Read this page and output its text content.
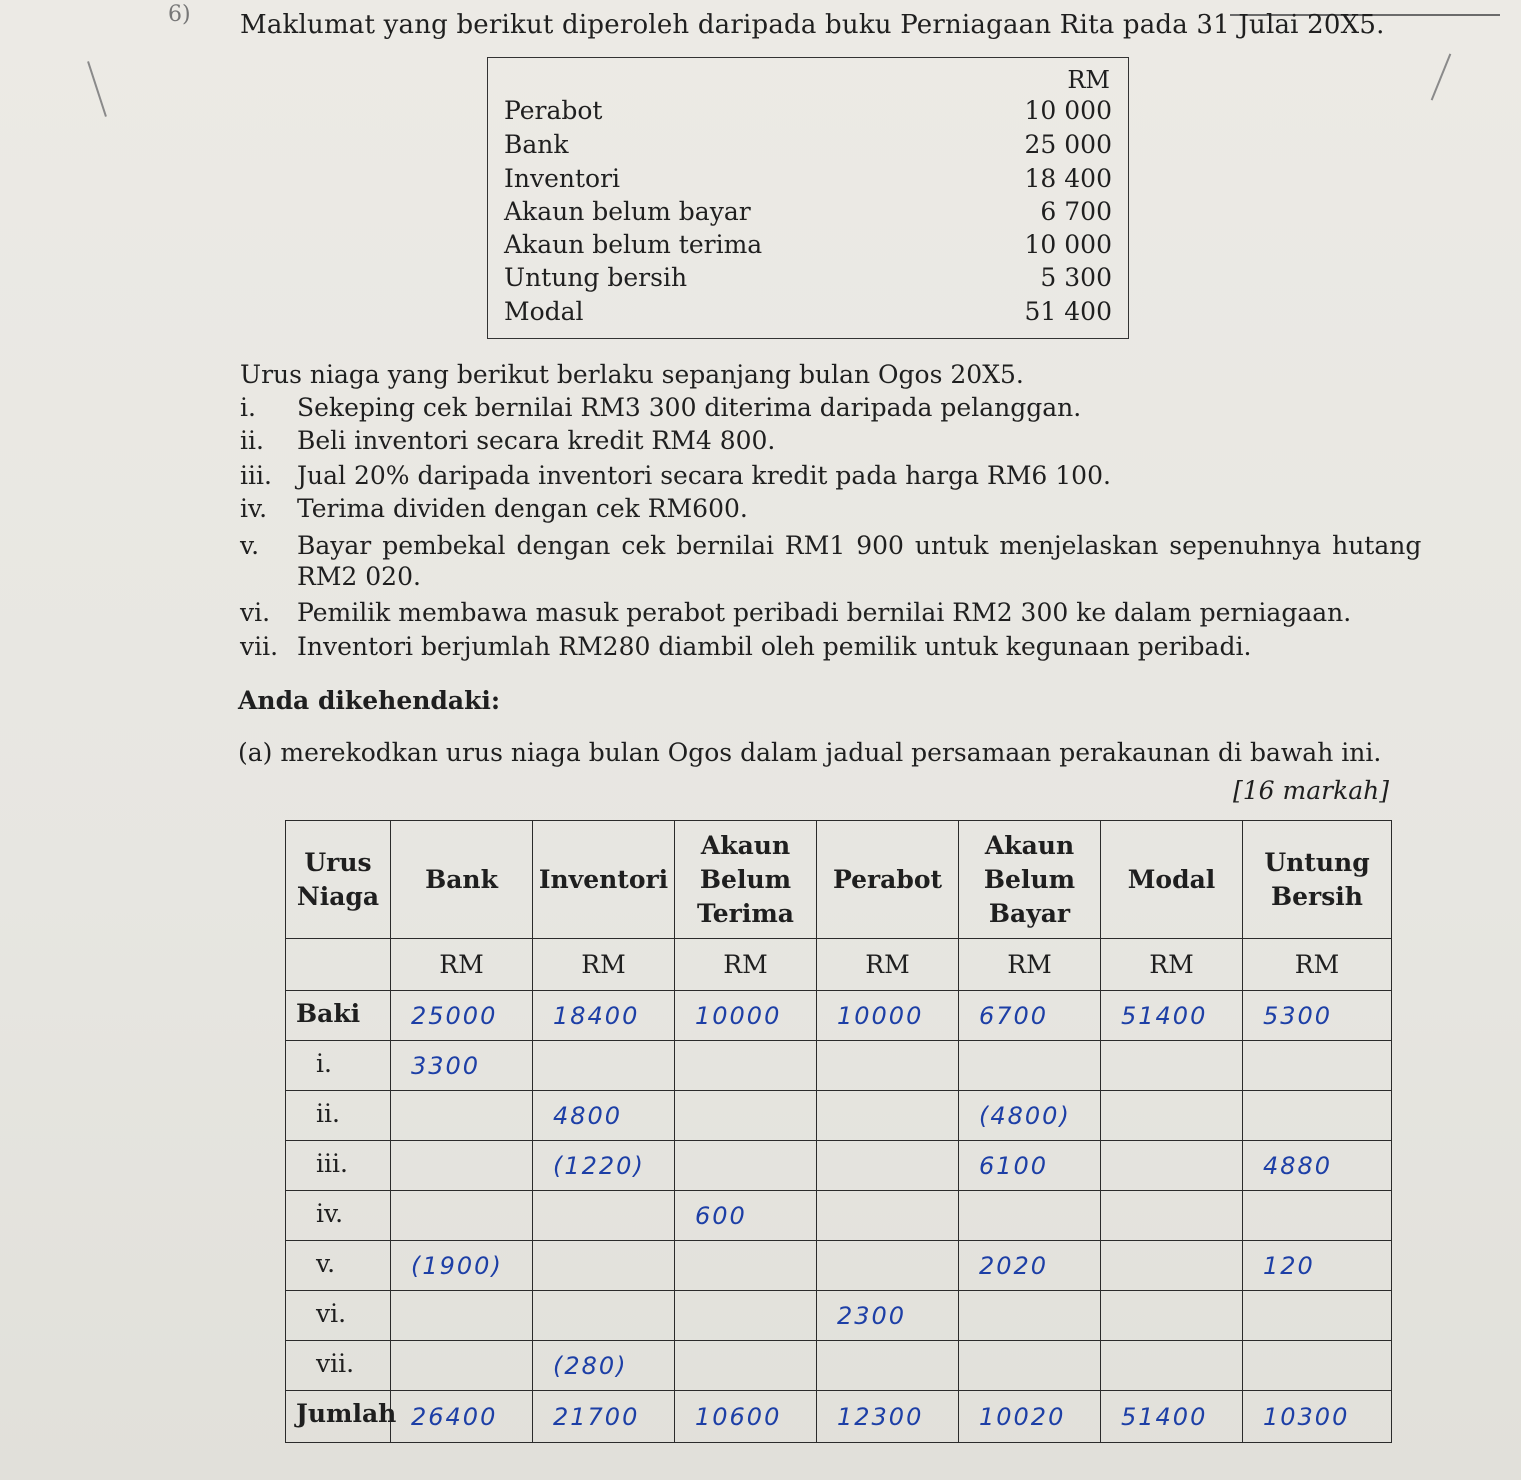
6) Maklumat yang berikut diperoleh daripada buku Perniagaan Rita pada 31 Julai 20X5.
RM
Perabot	10 000
Bank	25 000
Inventori	18 400
Akaun belum bayar	6 700
Akaun belum terima	10 000
Untung bersih	5 300
Modal	51 400
Urus niaga yang berikut berlaku sepanjang bulan Ogos 20X5.
i. Sekeping cek bernilai RM3 300 diterima daripada pelanggan.
ii. Beli inventori secara kredit RM4 800.
iii. Jual 20% daripada inventori secara kredit pada harga RM6 100.
iv. Terima dividen dengan cek RM600.
v. Bayar pembekal dengan cek bernilai RM1 900 untuk menjelaskan sepenuhnya hutang
RM2 020.
vi. Pemilik membawa masuk perabot peribadi bernilai RM2 300 ke dalam perniagaan.
vii. Inventori berjumlah RM280 diambil oleh pemilik untuk kegunaan peribadi.
Anda dikehendaki:
(a) merekodkan urus niaga bulan Ogos dalam jadual persamaan perakaunan di bawah ini.
[16 markah]
Urus Niaga	Bank	Inventori	Akaun Belum Terima	Perabot	Akaun Belum Bayar	Modal	Untung Bersih
	RM	RM	RM	RM	RM	RM	RM
Baki	25000	18400	10000	10000	6700	51400	5300

i.	3300						

ii.		4800			(4800)		

iii.		(1220)			6100		4880

iv.			600				

v.	(1900)				2020		120

vi.				2300			

vii.		(280)					

Jumlah	26400	21700	10600	12300	10020	51400	10300
